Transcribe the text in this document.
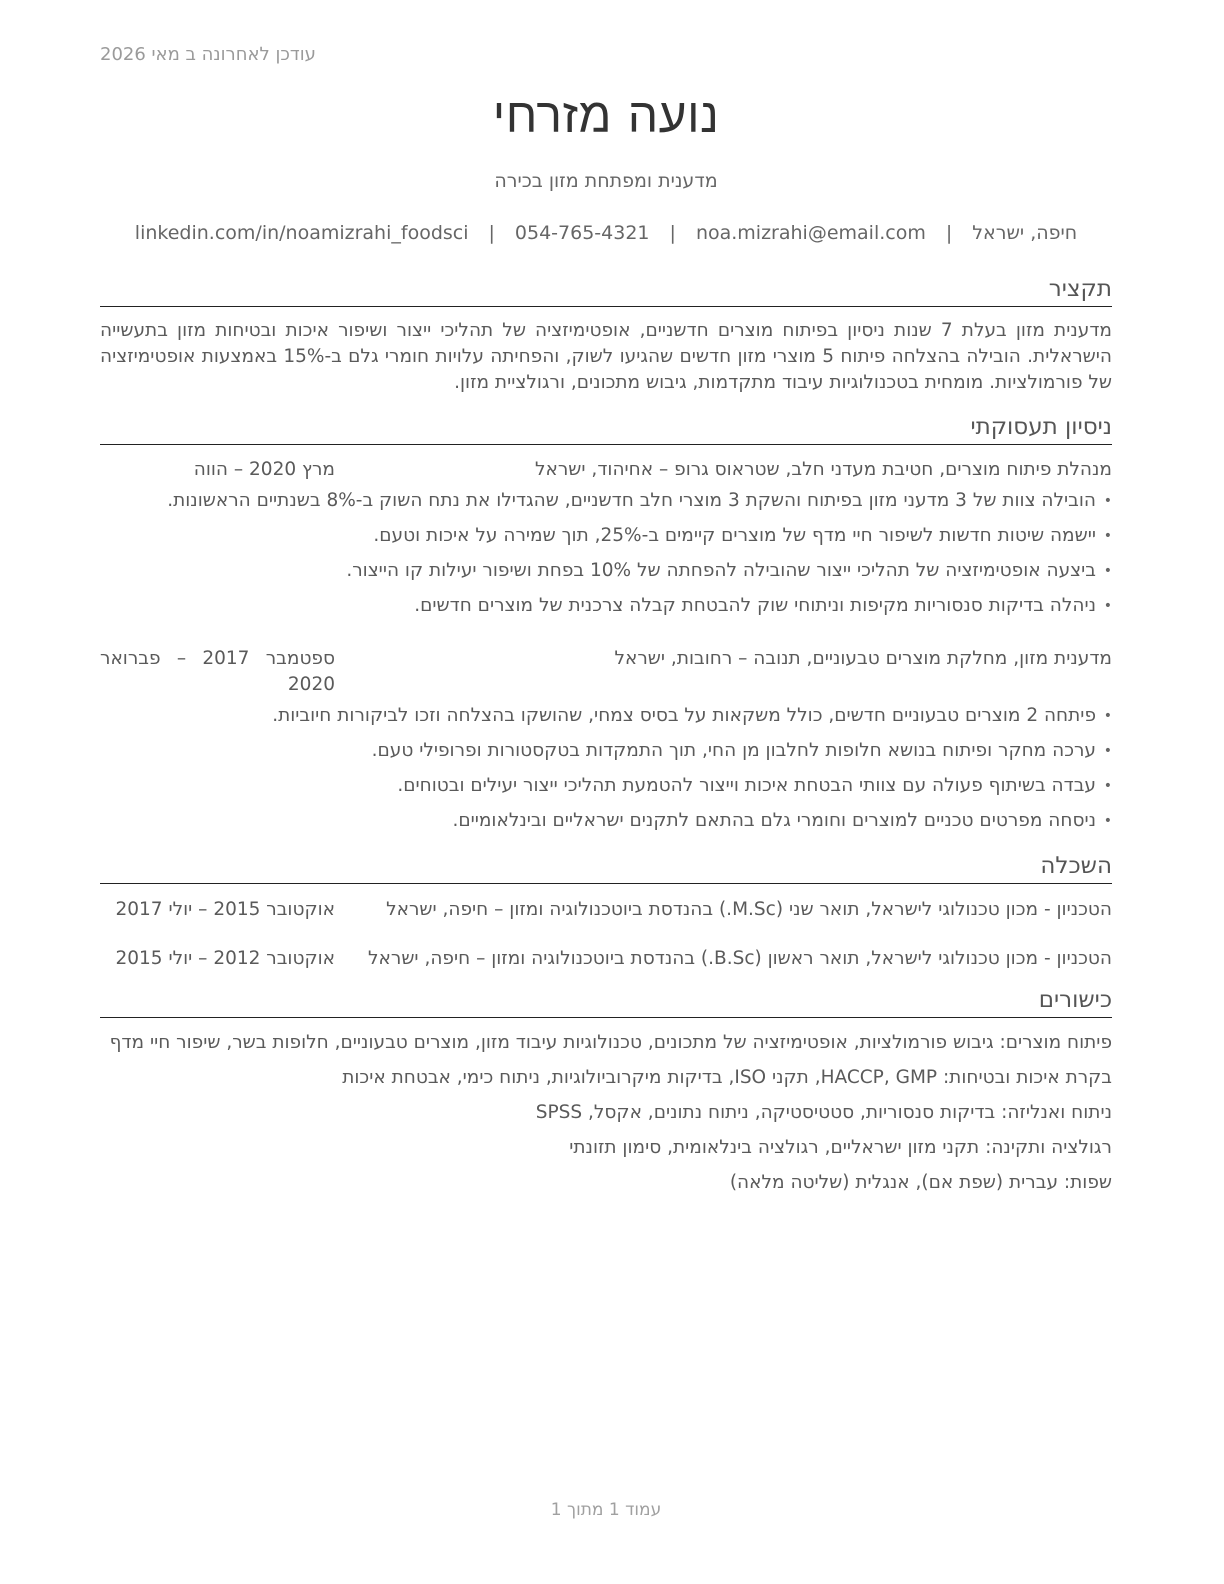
עודכן לאחרונה ב מאי 2026
נועה מזרחי
מדענית ומפתחת מזון בכירה
חיפה, ישראל
|
noa.mizrahi@email.com
|
054-765-4321
|
linkedin.com/in/noamizrahi_foodsci
תקציר

מדענית מזון בעלת 7 שנות ניסיון בפיתוח מוצרים חדשניים, אופטימיזציה של תהליכי ייצור ושיפור איכות ובטיחות מזון בתעשייה הישראלית. הובילה בהצלחה פיתוח 5 מוצרי מזון חדשים שהגיעו לשוק, והפחיתה עלויות חומרי גלם ב-15% באמצעות אופטימיזציה של פורמולציות. מומחית בטכנולוגיות עיבוד מתקדמות, גיבוש מתכונים, ורגולציית מזון.

ניסיון תעסוקתי
מנהלת פיתוח מוצרים, חטיבת מעדני חלב, שטראוס גרופ – אחיהוד, ישראל
מרץ 2020 – הווה
• הובילה צוות של 3 מדעני מזון בפיתוח והשקת 3 מוצרי חלב חדשניים, שהגדילו את נתח השוק ב-8% בשנתיים הראשונות.
• יישמה שיטות חדשות לשיפור חיי מדף של מוצרים קיימים ב-25%, תוך שמירה על איכות וטעם.
• ביצעה אופטימיזציה של תהליכי ייצור שהובילה להפחתה של 10% בפחת ושיפור יעילות קו הייצור.
• ניהלה בדיקות סנסוריות מקיפות וניתוחי שוק להבטחת קבלה צרכנית של מוצרים חדשים.
מדענית מזון, מחלקת מוצרים טבעוניים, תנובה – רחובות, ישראל
ספטמבר 2017 – פברואר 2020
• פיתחה 2 מוצרים טבעוניים חדשים, כולל משקאות על בסיס צמחי, שהושקו בהצלחה וזכו לביקורות חיוביות.
• ערכה מחקר ופיתוח בנושא חלופות לחלבון מן החי, תוך התמקדות בטקסטורות ופרופילי טעם.
• עבדה בשיתוף פעולה עם צוותי הבטחת איכות וייצור להטמעת תהליכי ייצור יעילים ובטוחים.
• ניסחה מפרטים טכניים למוצרים וחומרי גלם בהתאם לתקנים ישראליים ובינלאומיים.
השכלה
הטכניון - מכון טכנולוגי לישראל, תואר שני (M.Sc.) בהנדסת ביוטכנולוגיה ומזון – חיפה, ישראל
אוקטובר 2015 – יולי 2017
הטכניון - מכון טכנולוגי לישראל, תואר ראשון (B.Sc.) בהנדסת ביוטכנולוגיה ומזון – חיפה, ישראל
אוקטובר 2012 – יולי 2015
כישורים
פיתוח מוצרים: גיבוש פורמולציות, אופטימיזציה של מתכונים, טכנולוגיות עיבוד מזון, מוצרים טבעוניים, חלופות בשר, שיפור חיי מדף
בקרת איכות ובטיחות: HACCP, GMP, תקני ISO, בדיקות מיקרוביולוגיות, ניתוח כימי, אבטחת איכות
ניתוח ואנליזה: בדיקות סנסוריות, סטטיסטיקה, ניתוח נתונים, אקסל, SPSS
רגולציה ותקינה: תקני מזון ישראליים, רגולציה בינלאומית, סימון תזונתי
שפות: עברית (שפת אם), אנגלית (שליטה מלאה)
עמוד 1 מתוך 1
